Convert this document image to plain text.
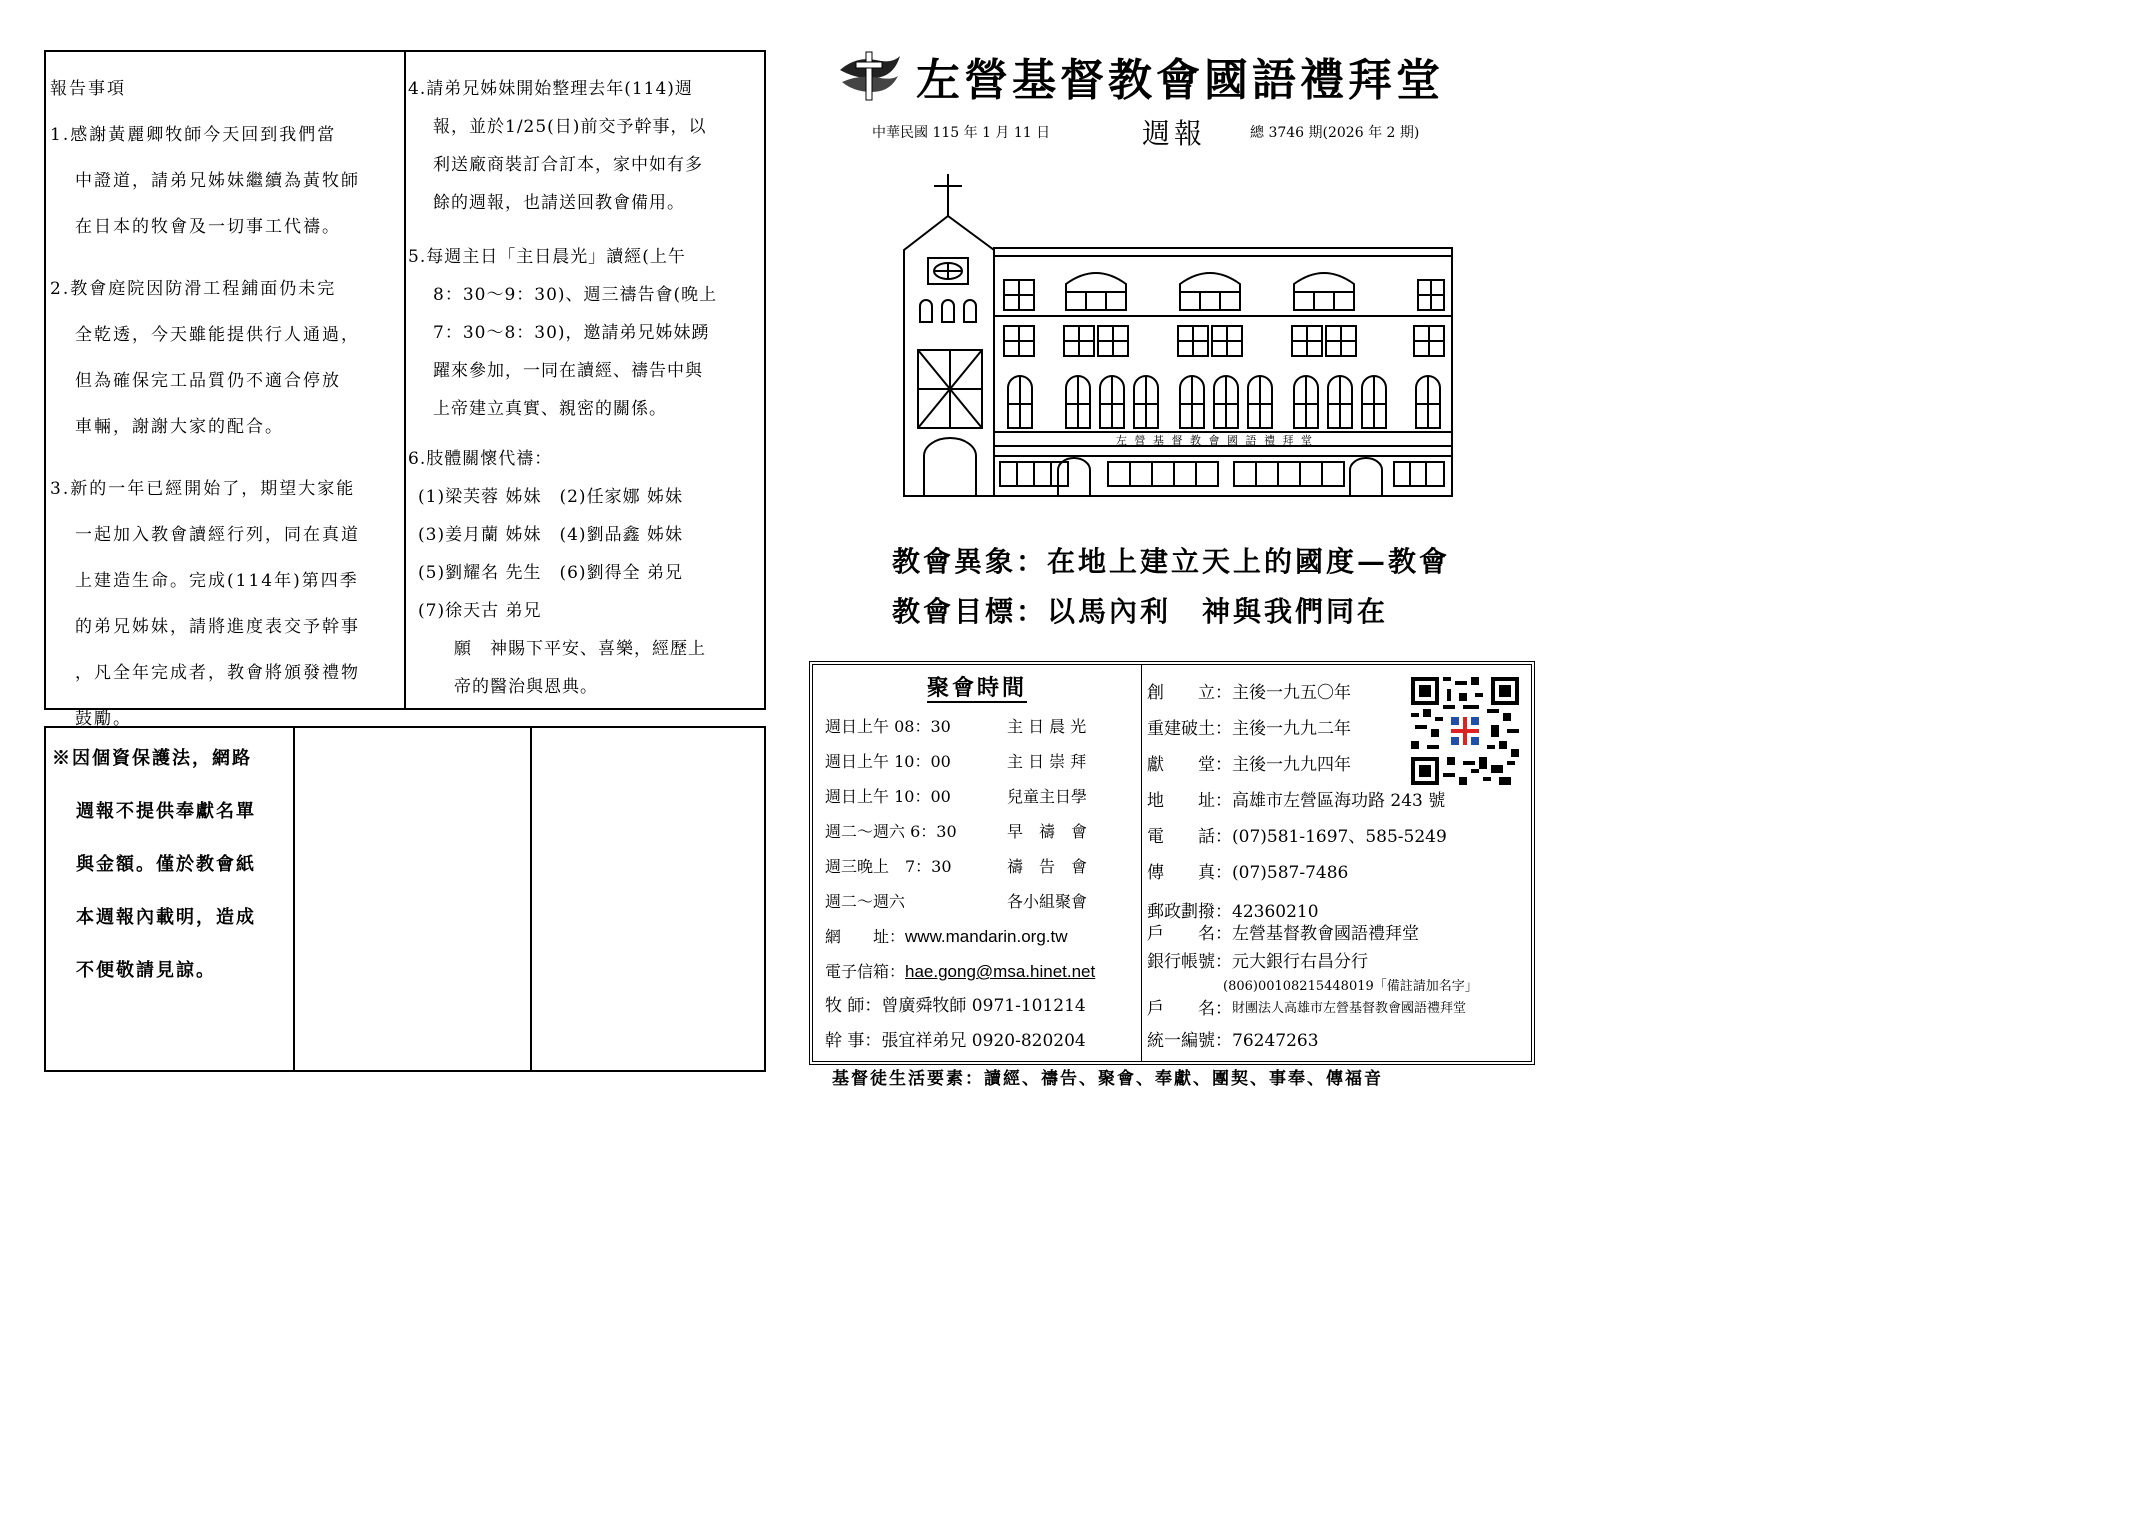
報告事項
1.感謝黃麗卿牧師今天回到我們當
中證道，請弟兄姊妹繼續為黃牧師
在日本的牧會及一切事工代禱。
2.教會庭院因防滑工程鋪面仍未完
全乾透，今天雖能提供行人通過，
但為確保完工品質仍不適合停放
車輛，謝謝大家的配合。
3.新的一年已經開始了，期望大家能
一起加入教會讀經行列，同在真道
上建造生命。完成(114年)第四季
的弟兄姊妹，請將進度表交予幹事
，凡全年完成者，教會將頒發禮物
鼓勵。
4.請弟兄姊妹開始整理去年(114)週
報，並於1/25(日)前交予幹事，以
利送廠商裝訂合訂本，家中如有多
餘的週報，也請送回教會備用。
5.每週主日「主日晨光」讀經(上午
8：30～9：30)、週三禱告會(晚上
7：30～8：30)，邀請弟兄姊妹踴
躍來參加，一同在讀經、禱告中與
上帝建立真實、親密的關係。
6.肢體關懷代禱：
(1)梁芙蓉 姊妹　(2)任家娜 姊妹
(3)姜月蘭 姊妹　(4)劉品鑫 姊妹
(5)劉耀名 先生　(6)劉得全 弟兄
(7)徐天古 弟兄
願　神賜下平安、喜樂，經歷上
帝的醫治與恩典。
※因個資保護法，網路
週報不提供奉獻名單
與金額。僅於教會紙
本週報內載明，造成
不便敬請見諒。
左營基督教會國語禮拜堂
中華民國 115 年 1 月 11 日	週報	總 3746 期(2026 年 2 期)
左 營 基 督 教 會 國 語 禮 拜 堂
教會異象：在地上建立天上的國度—教會
教會目標：以馬內利　神與我們同在
聚會時間
週日上午 08：30	主 日 晨 光
週日上午 10：00	主 日 崇 拜
週日上午 10：00	兒童主日學
週二～週六 6：30	早　禱　會
週三晚上　7：30	禱　告　會
週二～週六	各小組聚會
網　　址： www.mandarin.org.tw
電子信箱： hae.gong@msa.hinet.net
牧 師：曾廣舜牧師 0971-101214
幹 事：張宜祥弟兄 0920-820204
創　　立：主後一九五〇年
重建破土：主後一九九二年
獻　　堂：主後一九九四年
地　　址：高雄市左營區海功路 243 號
電　　話：(07)581-1697、585-5249
傳　　真：(07)587-7486
郵政劃撥：42360210
戶　　名：左營基督教會國語禮拜堂
銀行帳號：元大銀行右昌分行
(806)00108215448019「備註請加名字」
戶　　名： 財團法人高雄市左營基督教會國語禮拜堂
統一編號：76247263
基督徒生活要素：讀經、禱告、聚會、奉獻、團契、事奉、傳福音
